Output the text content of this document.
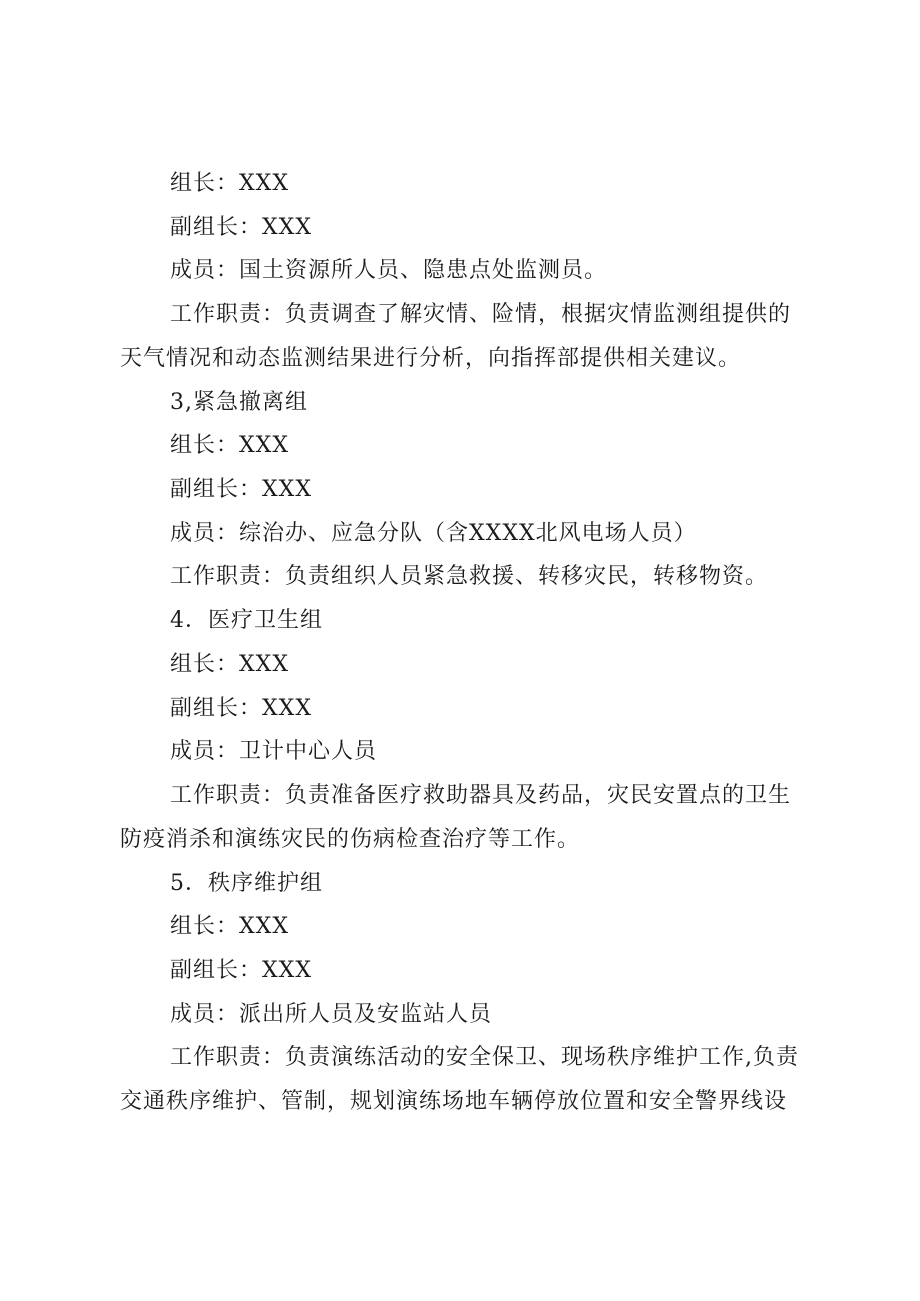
组长：XXX
副组长：XXX
成员：国土资源所人员、隐患点处监测员。
工作职责：负责调查了解灾情、险情，根据灾情监测组提供的
天气情况和动态监测结果进行分析，向指挥部提供相关建议。
3,紧急撤离组
组长：XXX
副组长：XXX
成员：综治办、应急分队（含XXXX北风电场人员）
工作职责：负责组织人员紧急救援、转移灾民，转移物资。
4．医疗卫生组
组长：XXX
副组长：XXX
成员：卫计中心人员
工作职责：负责准备医疗救助器具及药品，灾民安置点的卫生
防疫消杀和演练灾民的伤病检查治疗等工作。
5．秩序维护组
组长：XXX
副组长：XXX
成员：派出所人员及安监站人员
工作职责：负责演练活动的安全保卫、现场秩序维护工作,负责
交通秩序维护、管制，规划演练场地车辆停放位置和安全警界线设
